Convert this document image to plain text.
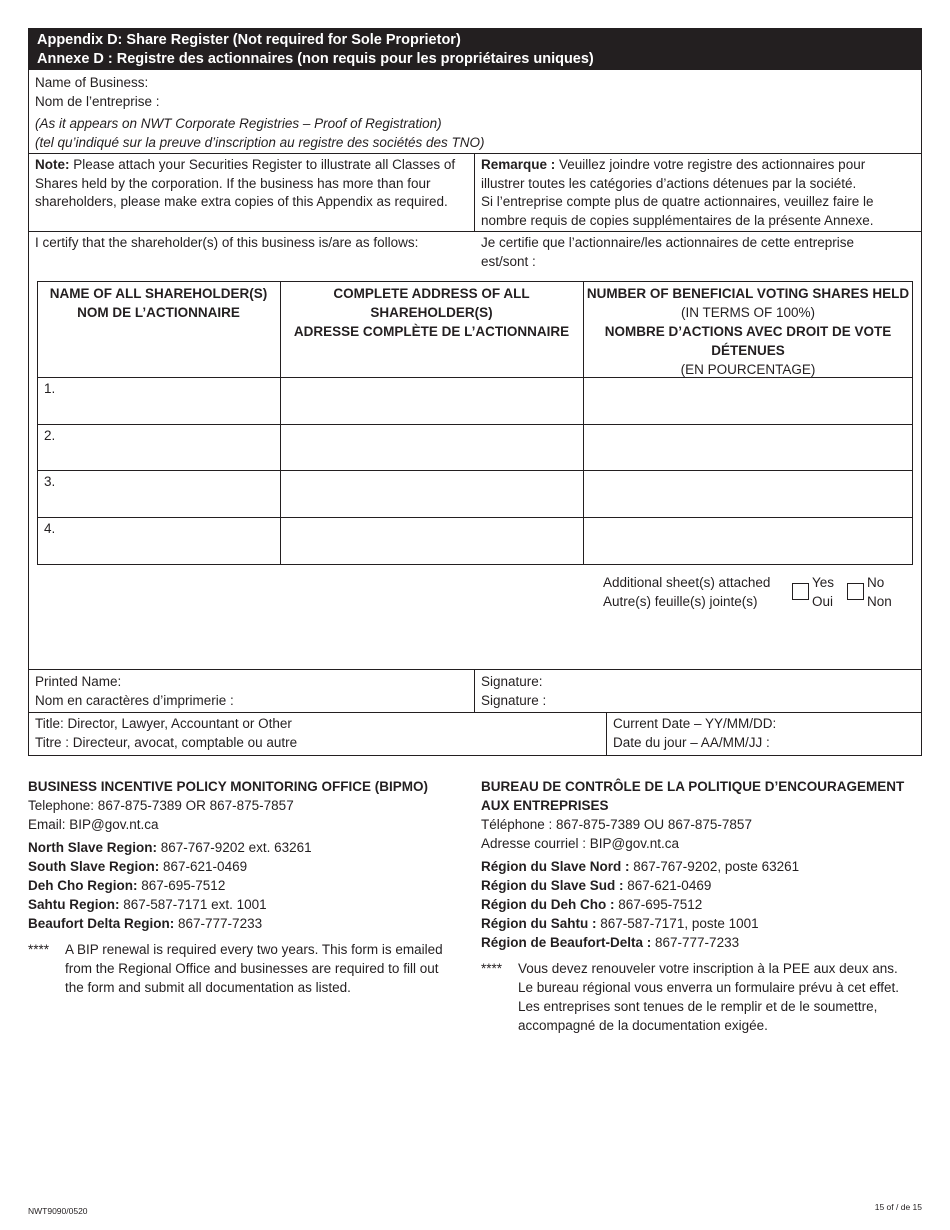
Appendix D: Share Register (Not required for Sole Proprietor)
Annexe D : Registre des actionnaires (non requis pour les propriétaires uniques)
Name of Business:
Nom de l’entreprise :
(As it appears on NWT Corporate Registries – Proof of Registration)
(tel qu’indiqué sur la preuve d’inscription au registre des sociétés des TNO)
Note: Please attach your Securities Register to illustrate all Classes of
Shares held by the corporation. If the business has more than four
shareholders, please make extra copies of this Appendix as required.
Remarque : Veuillez joindre votre registre des actionnaires pour
illustrer toutes les catégories d’actions détenues par la société.
Si l’entreprise compte plus de quatre actionnaires, veuillez faire le
nombre requis de copies supplémentaires de la présente Annexe.
I certify that the shareholder(s) of this business is/are as follows:	Je certifie que l’actionnaire/les actionnaires de cette entreprise
est/sont :
NAME OF ALL SHAREHOLDER(S)
NOM DE L’ACTIONNAIRE
COMPLETE ADDRESS OF ALL SHAREHOLDER(S)
ADRESSE COMPLÈTE DE L’ACTIONNAIRE
NUMBER OF BENEFICIAL VOTING SHARES HELD
(IN TERMS OF 100%)
NOMBRE D’ACTIONS AVEC DROIT DE VOTE
DÉTENUES
(EN POURCENTAGE)
1.
2.
3.
4.
Additional sheet(s) attached
Autre(s) feuille(s) jointe(s)
Yes
Oui
No
Non
Printed Name:
Nom en caractères d’imprimerie :
Signature:
Signature :
Title: Director, Lawyer, Accountant or Other
Titre : Directeur, avocat, comptable ou autre
Current Date – YY/MM/DD:
Date du jour – AA/MM/JJ :
BUSINESS INCENTIVE POLICY MONITORING OFFICE (BIPMO)
Telephone: 867-875-7389 OR 867-875-7857
Email: BIP@gov.nt.ca
North Slave Region: 867-767-9202 ext. 63261
South Slave Region: 867-621-0469
Deh Cho Region: 867-695-7512
Sahtu Region: 867-587-7171 ext. 1001
Beaufort Delta Region: 867-777-7233
**** A BIP renewal is required every two years. This form is emailed
from the Regional Office and businesses are required to fill out
the form and submit all documentation as listed.
BUREAU DE CONTRÔLE DE LA POLITIQUE D’ENCOURAGEMENT
AUX ENTREPRISES
Téléphone : 867-875-7389 OU 867-875-7857
Adresse courriel : BIP@gov.nt.ca
Région du Slave Nord : 867-767-9202, poste 63261
Région du Slave Sud : 867-621-0469
Région du Deh Cho : 867-695-7512
Région du Sahtu : 867-587-7171, poste 1001
Région de Beaufort-Delta : 867-777-7233
**** Vous devez renouveler votre inscription à la PEE aux deux ans.
Le bureau régional vous enverra un formulaire prévu à cet effet.
Les entreprises sont tenues de le remplir et de le soumettre,
accompagné de la documentation exigée.
NWT9090/0520	15 of / de 15
